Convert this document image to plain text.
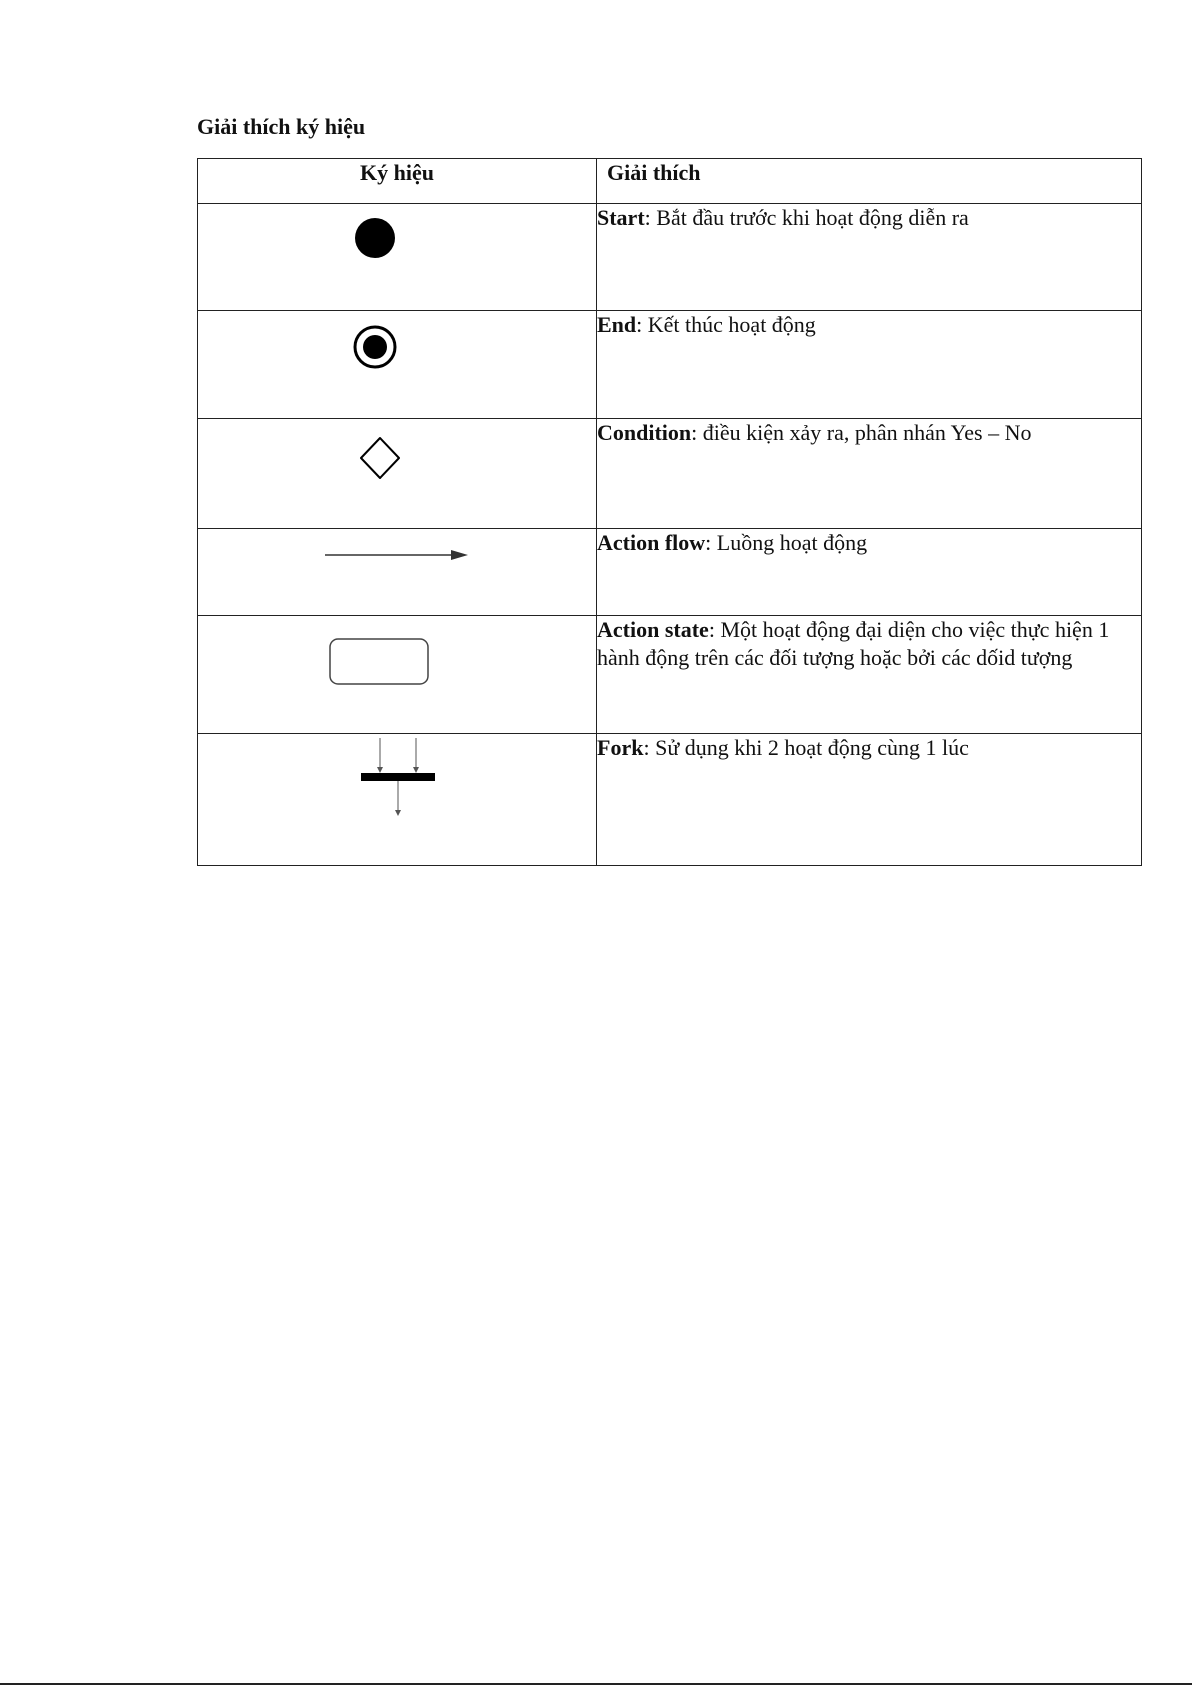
Giải thích ký hiệu
Ký hiệu	Giải thích

	Start: Bắt đầu trước khi hoạt động diễn ra

	End: Kết thúc hoạt động

	Condition: điều kiện xảy ra, phân nhán Yes – No

	Action flow: Luồng hoạt động

	Action state: Một hoạt động đại diện cho việc thực hiện 1 hành động trên các đối tượng hoặc bởi các dốid tượng

	Fork: Sử dụng khi 2 hoạt động cùng 1 lúc
